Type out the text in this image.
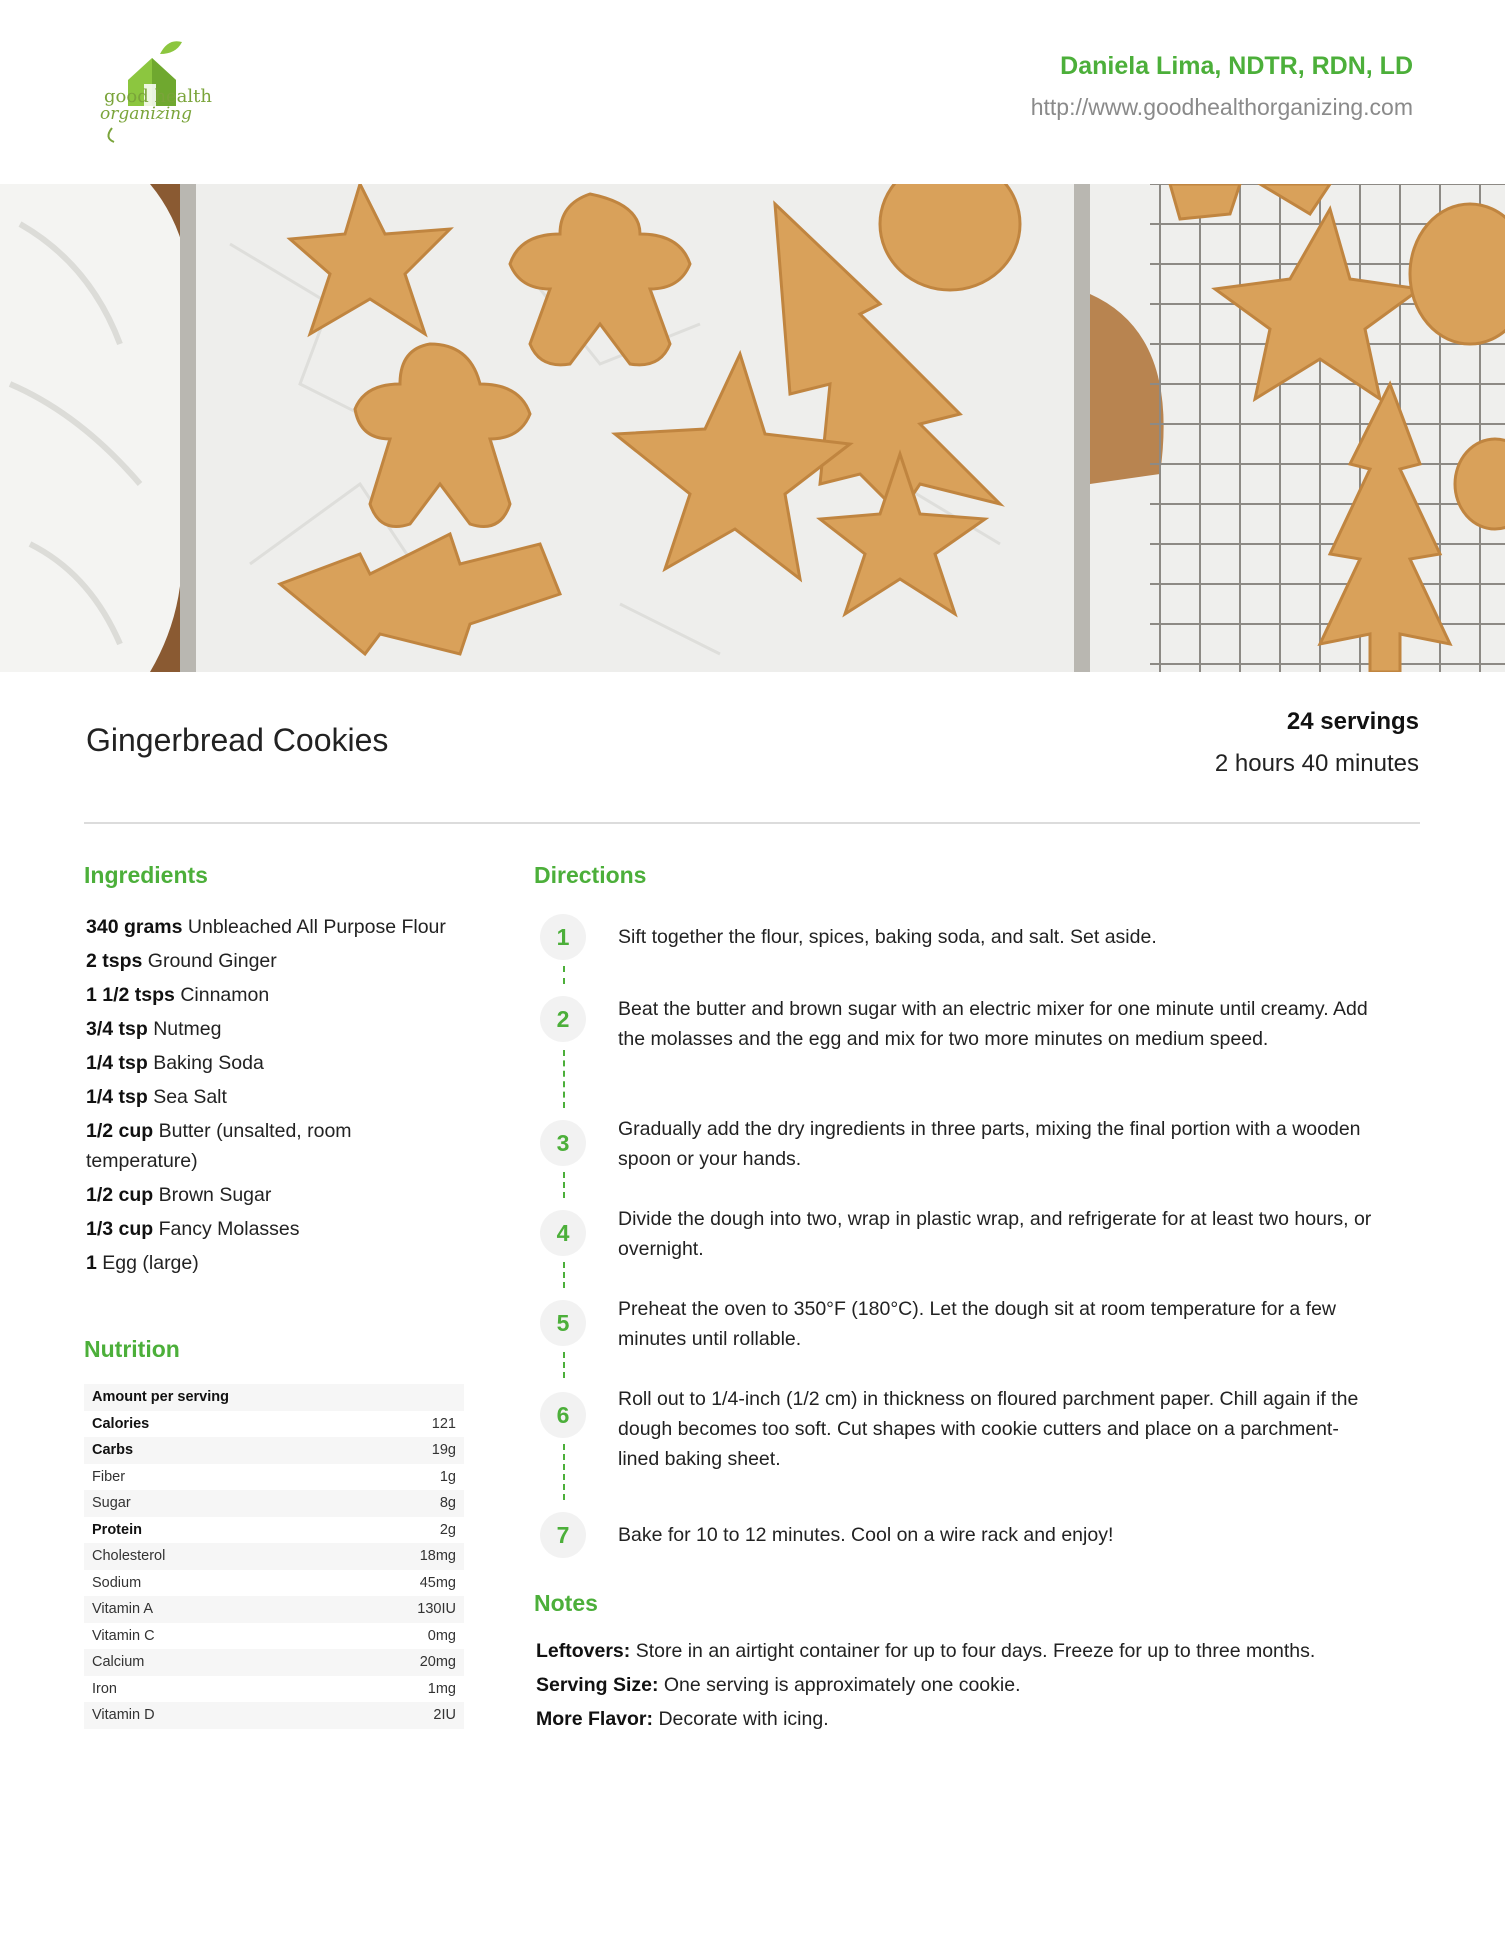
good health
organizing
Daniela Lima, NDTR, RDN, LD
http://www.goodhealthorganizing.com
Gingerbread Cookies
24 servings
2 hours 40 minutes
Ingredients
340 grams Unbleached All Purpose Flour
2 tsps Ground Ginger
1 1/2 tsps Cinnamon
3/4 tsp Nutmeg
1/4 tsp Baking Soda
1/4 tsp Sea Salt
1/2 cup Butter (unsalted, room temperature)
1/2 cup Brown Sugar
1/3 cup Fancy Molasses
1 Egg (large)
Nutrition
Amount per serving	
Calories	121
Carbs	19g
Fiber	1g
Sugar	8g
Protein	2g
Cholesterol	18mg
Sodium	45mg
Vitamin A	130IU
Vitamin C	0mg
Calcium	20mg
Iron	1mg
Vitamin D	2IU
Directions
1	Sift together the flour, spices, baking soda, and salt. Set aside.
2	Beat the butter and brown sugar with an electric mixer for one minute until creamy. Add the molasses and the egg and mix for two more minutes on medium speed.
3
Gradually add the dry ingredients in three parts, mixing the final portion with a wooden spoon or your hands.
4
Divide the dough into two, wrap in plastic wrap, and refrigerate for at least two hours, or overnight.
5
Preheat the oven to 350°F (180°C). Let the dough sit at room temperature for a few minutes until rollable.
6
Roll out to 1/4-inch (1/2 cm) in thickness on floured parchment paper. Chill again if the dough becomes too soft. Cut shapes with cookie cutters and place on a parchment-lined baking sheet.
7	Bake for 10 to 12 minutes. Cool on a wire rack and enjoy!
Notes
Leftovers: Store in an airtight container for up to four days. Freeze for up to three months.
Serving Size: One serving is approximately one cookie.
More Flavor: Decorate with icing.
